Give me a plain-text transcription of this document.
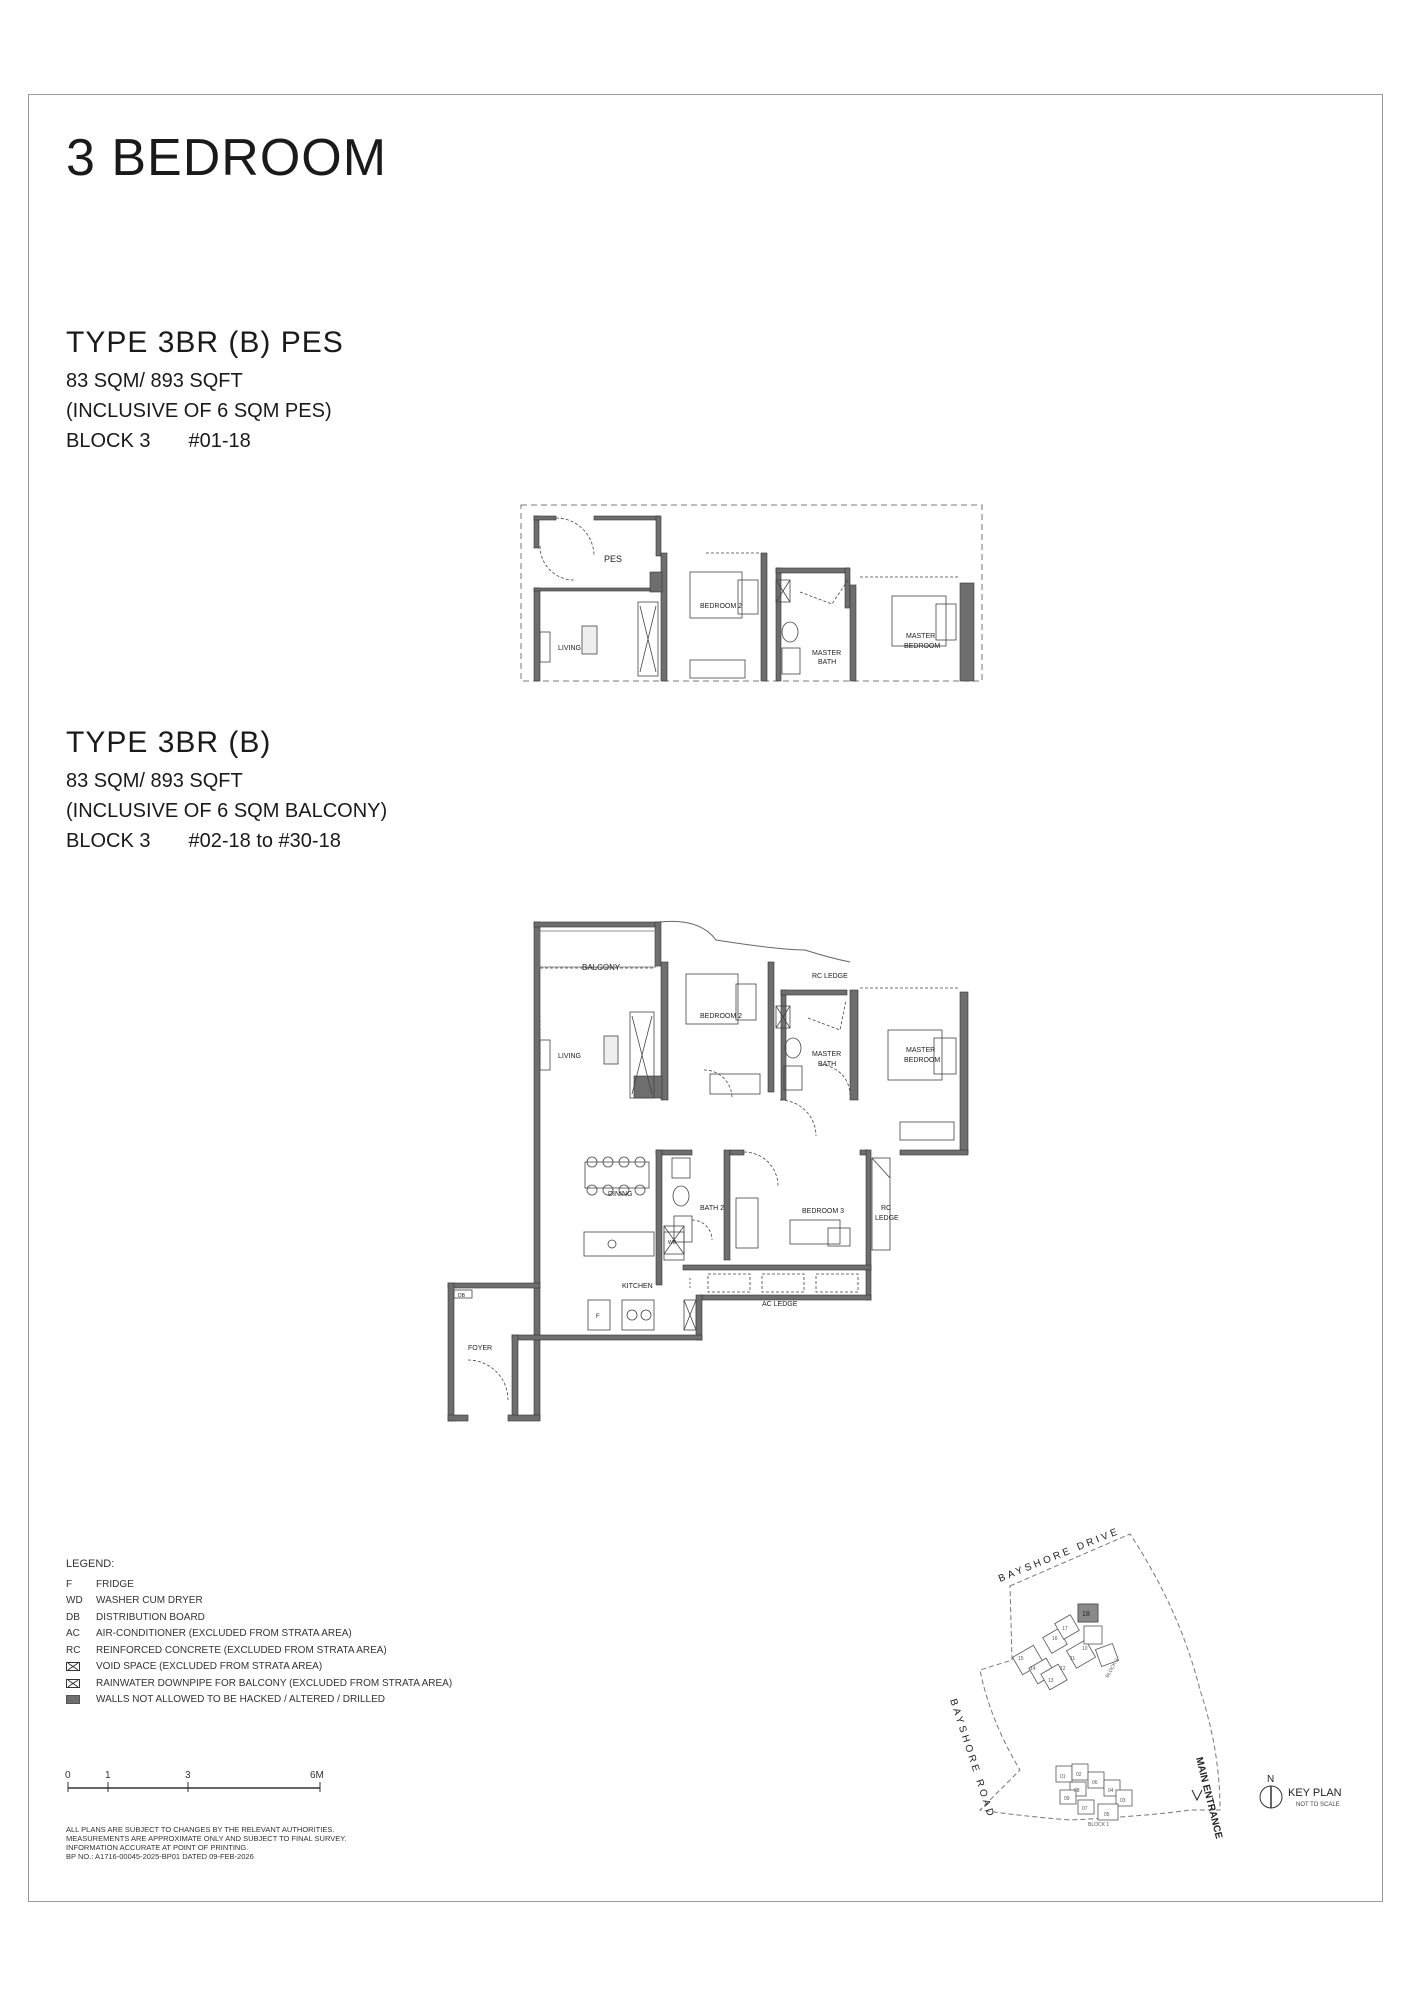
3 BEDROOM
TYPE 3BR (B) PES
83 SQM/ 893 SQFT
(INCLUSIVE OF 6 SQM PES)
BLOCK 3 #01-18
TYPE 3BR (B)
83 SQM/ 893 SQFT
(INCLUSIVE OF 6 SQM BALCONY)
BLOCK 3 #02-18 to #30-18
PES
LIVING
BEDROOM 2
MASTER
BATH
MASTER
BEDROOM
BALCONY
LIVING
BEDROOM 2
RC LEDGE
MASTER
BATH
MASTER
BEDROOM
DINING
BATH 2	BEDROOM 3	RC
LEDGE
KITCHEN
AC LEDGE
FOYER
DB
F
WD
LEGEND:
F	FRIDGE
WD	WASHER CUM DRYER
DB	DISTRIBUTION BOARD
AC	AIR-CONDITIONER (EXCLUDED FROM STRATA AREA)
RC	REINFORCED CONCRETE (EXCLUDED FROM STRATA AREA)
VOID SPACE (EXCLUDED FROM STRATA AREA)
RAINWATER DOWNPIPE FOR BALCONY (EXCLUDED FROM STRATA AREA)
WALLS NOT ALLOWED TO BE HACKED / ALTERED / DRILLED
0	1	3	6M
ALL PLANS ARE SUBJECT TO CHANGES BY THE RELEVANT AUTHORITIES.
MEASUREMENTS ARE APPROXIMATE ONLY AND SUBJECT TO FINAL SURVEY.
INFORMATION ACCURATE AT POINT OF PRINTING.
BP NO.: A1716-00045-2025-BP01 DATED 09-FEB-2026
18
BLOCK 3
17
16
15
14
13
12
11
10
01 02
03
04
05
06
07
08
09
BLOCK 1
BAYSHORE DRIVE
BAYSHORE ROAD	MAIN ENTRANCE	N
KEY PLAN
NOT TO SCALE
